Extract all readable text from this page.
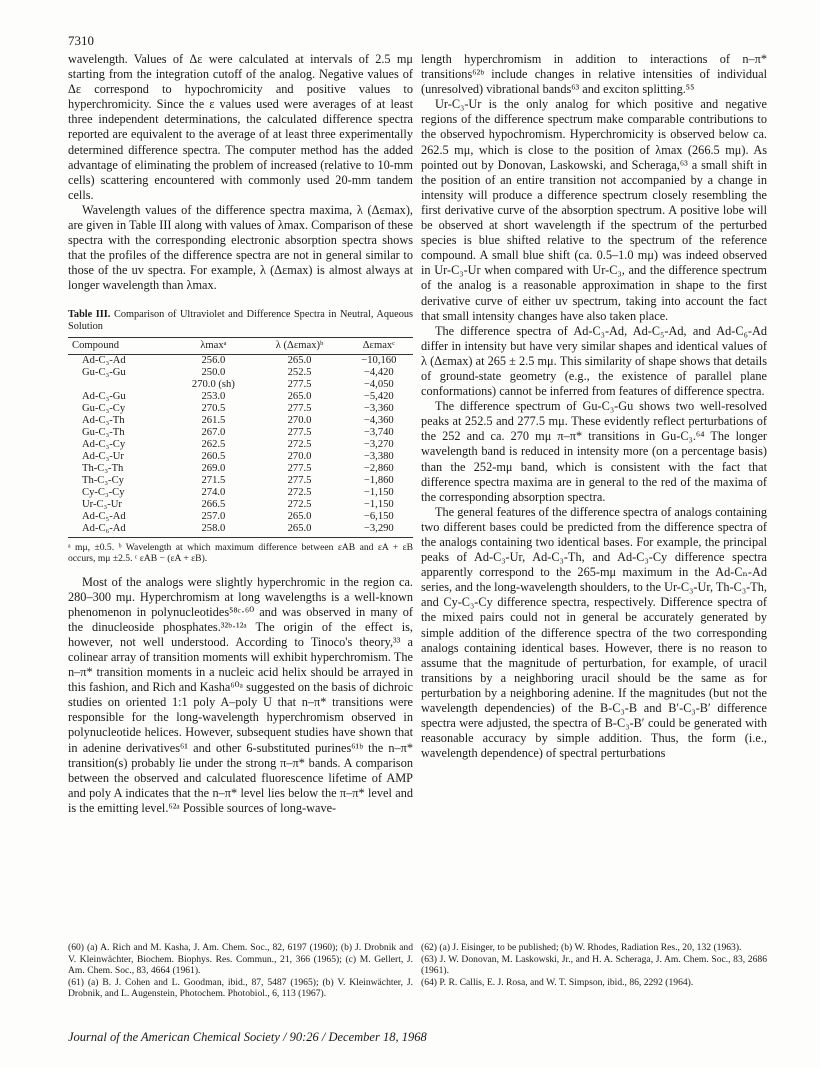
7310

wavelength. Values of Δε were calculated at intervals of 2.5 mμ starting from the integration cutoff of the analog. Negative values of Δε correspond to hypochromicity and positive values to hyperchromicity. Since the ε values used were averages of at least three independent determinations, the calculated difference spectra reported are equivalent to the average of at least three experimentally determined difference spectra. The computer method has the added advantage of eliminating the problem of increased (relative to 10-mm cells) scattering encountered with commonly used 20-mm tandem cells.

Wavelength values of the difference spectra maxima, λ (Δεmax), are given in Table III along with values of λmax. Comparison of these spectra with the corresponding electronic absorption spectra shows that the profiles of the difference spectra are not in general similar to those of the uv spectra. For example, λ (Δεmax) is almost always at longer wavelength than λmax.

Table III. Comparison of Ultraviolet and Difference Spectra in Neutral, Aqueous Solution
Compound	λmaxᵃ	λ (Δεmax)ᵇ	Δεmaxᶜ
Ad-C₃-Ad	256.0	265.0	−10,160
Gu-C₃-Gu	250.0	252.5	−4,420
	270.0 (sh)	277.5	−4,050
Ad-C₃-Gu	253.0	265.0	−5,420
Gu-C₃-Cy	270.5	277.5	−3,360
Ad-C₃-Th	261.5	270.0	−4,360
Gu-C₃-Th	267.0	277.5	−3,740
Ad-C₃-Cy	262.5	272.5	−3,270
Ad-C₃-Ur	260.5	270.0	−3,380
Th-C₃-Th	269.0	277.5	−2,860
Th-C₃-Cy	271.5	277.5	−1,860
Cy-C₃-Cy	274.0	272.5	−1,150
Ur-C₃-Ur	266.5	272.5	−1,150
Ad-C₅-Ad	257.0	265.0	−6,150
Ad-C₆-Ad	258.0	265.0	−3,290
ᵃ mμ, ±0.5. ᵇ Wavelength at which maximum difference between εAB and εA + εB occurs, mμ ±2.5. ᶜ εAB − (εA + εB).

Most of the analogs were slightly hyperchromic in the region ca. 280–300 mμ. Hyperchromism at long wavelengths is a well-known phenomenon in polynucleotides⁵⁸ᶜ·⁶⁰ and was observed in many of the dinucleoside phosphates.³²ᵇ·¹²ᵃ The origin of the effect is, however, not well understood. According to Tinoco's theory,³³ a colinear array of transition moments will exhibit hyperchromism. The n–π* transition moments in a nucleic acid helix should be arrayed in this fashion, and Rich and Kasha⁶⁰ᵃ suggested on the basis of dichroic studies on oriented 1:1 poly A–poly U that n–π* transitions were responsible for the long-wavelength hyperchromism observed in polynucleotide helices. However, subsequent studies have shown that in adenine derivatives⁶¹ and other 6-substituted purines⁶¹ᵇ the n–π* transition(s) probably lie under the strong π–π* bands. A comparison between the observed and calculated fluorescence lifetime of AMP and poly A indicates that the n–π* level lies below the π–π* level and is the emitting level.⁶²ᵃ Possible sources of long-wave-

length hyperchromism in addition to interactions of n–π* transitions⁶²ᵇ include changes in relative intensities of individual (unresolved) vibrational bands⁶³ and exciton splitting.⁵⁵

Ur-C₃-Ur is the only analog for which positive and negative regions of the difference spectrum make comparable contributions to the observed hypochromism. Hyperchromicity is observed below ca. 262.5 mμ, which is close to the position of λmax (266.5 mμ). As pointed out by Donovan, Laskowski, and Scheraga,⁶³ a small shift in the position of an entire transition not accompanied by a change in intensity will produce a difference spectrum closely resembling the first derivative curve of the absorption spectrum. A positive lobe will be observed at short wavelength if the spectrum of the perturbed species is blue shifted relative to the spectrum of the reference compound. A small blue shift (ca. 0.5–1.0 mμ) was indeed observed in Ur-C₃-Ur when compared with Ur-C₃, and the difference spectrum of the analog is a reasonable approximation in shape to the first derivative curve of either uv spectrum, taking into account the fact that small intensity changes have also taken place.

The difference spectra of Ad-C₃-Ad, Ad-C₅-Ad, and Ad-C₆-Ad differ in intensity but have very similar shapes and identical values of λ (Δεmax) at 265 ± 2.5 mμ. This similarity of shape shows that details of ground-state geometry (e.g., the existence of parallel plane conformations) cannot be inferred from features of difference spectra.

The difference spectrum of Gu-C₃-Gu shows two well-resolved peaks at 252.5 and 277.5 mμ. These evidently reflect perturbations of the 252 and ca. 270 mμ π–π* transitions in Gu-C₃.⁶⁴ The longer wavelength band is reduced in intensity more (on a percentage basis) than the 252-mμ band, which is consistent with the fact that difference spectra maxima are in general to the red of the maxima of the corresponding absorption spectra.

The general features of the difference spectra of analogs containing two different bases could be predicted from the difference spectra of the analogs containing two identical bases. For example, the principal peaks of Ad-C₃-Ur, Ad-C₃-Th, and Ad-C₃-Cy difference spectra apparently correspond to the 265-mμ maximum in the Ad-Cₙ-Ad series, and the long-wavelength shoulders, to the Ur-C₃-Ur, Th-C₃-Th, and Cy-C₃-Cy difference spectra, respectively. Difference spectra of the mixed pairs could not in general be accurately generated by simple addition of the difference spectra of the two corresponding analogs containing identical bases. However, there is no reason to assume that the magnitude of perturbation, for example, of uracil transitions by a neighboring uracil should be the same as for perturbation by a neighboring adenine. If the magnitudes (but not the wavelength dependencies) of the B-C₃-B and B′-C₃-B′ difference spectra were adjusted, the spectra of B-C₃-B′ could be generated with reasonable accuracy by simple addition. Thus, the form (i.e., wavelength dependence) of spectral perturbations

(60) (a) A. Rich and M. Kasha, J. Am. Chem. Soc., 82, 6197 (1960); (b) J. Drobnik and V. Kleinwächter, Biochem. Biophys. Res. Commun., 21, 366 (1965); (c) M. Gellert, J. Am. Chem. Soc., 83, 4664 (1961).

(61) (a) B. J. Cohen and L. Goodman, ibid., 87, 5487 (1965); (b) V. Kleinwächter, J. Drobnik, and L. Augenstein, Photochem. Photobiol., 6, 113 (1967).

(62) (a) J. Eisinger, to be published; (b) W. Rhodes, Radiation Res., 20, 132 (1963).

(63) J. W. Donovan, M. Laskowski, Jr., and H. A. Scheraga, J. Am. Chem. Soc., 83, 2686 (1961).

(64) P. R. Callis, E. J. Rosa, and W. T. Simpson, ibid., 86, 2292 (1964).

Journal of the American Chemical Society / 90:26 / December 18, 1968
